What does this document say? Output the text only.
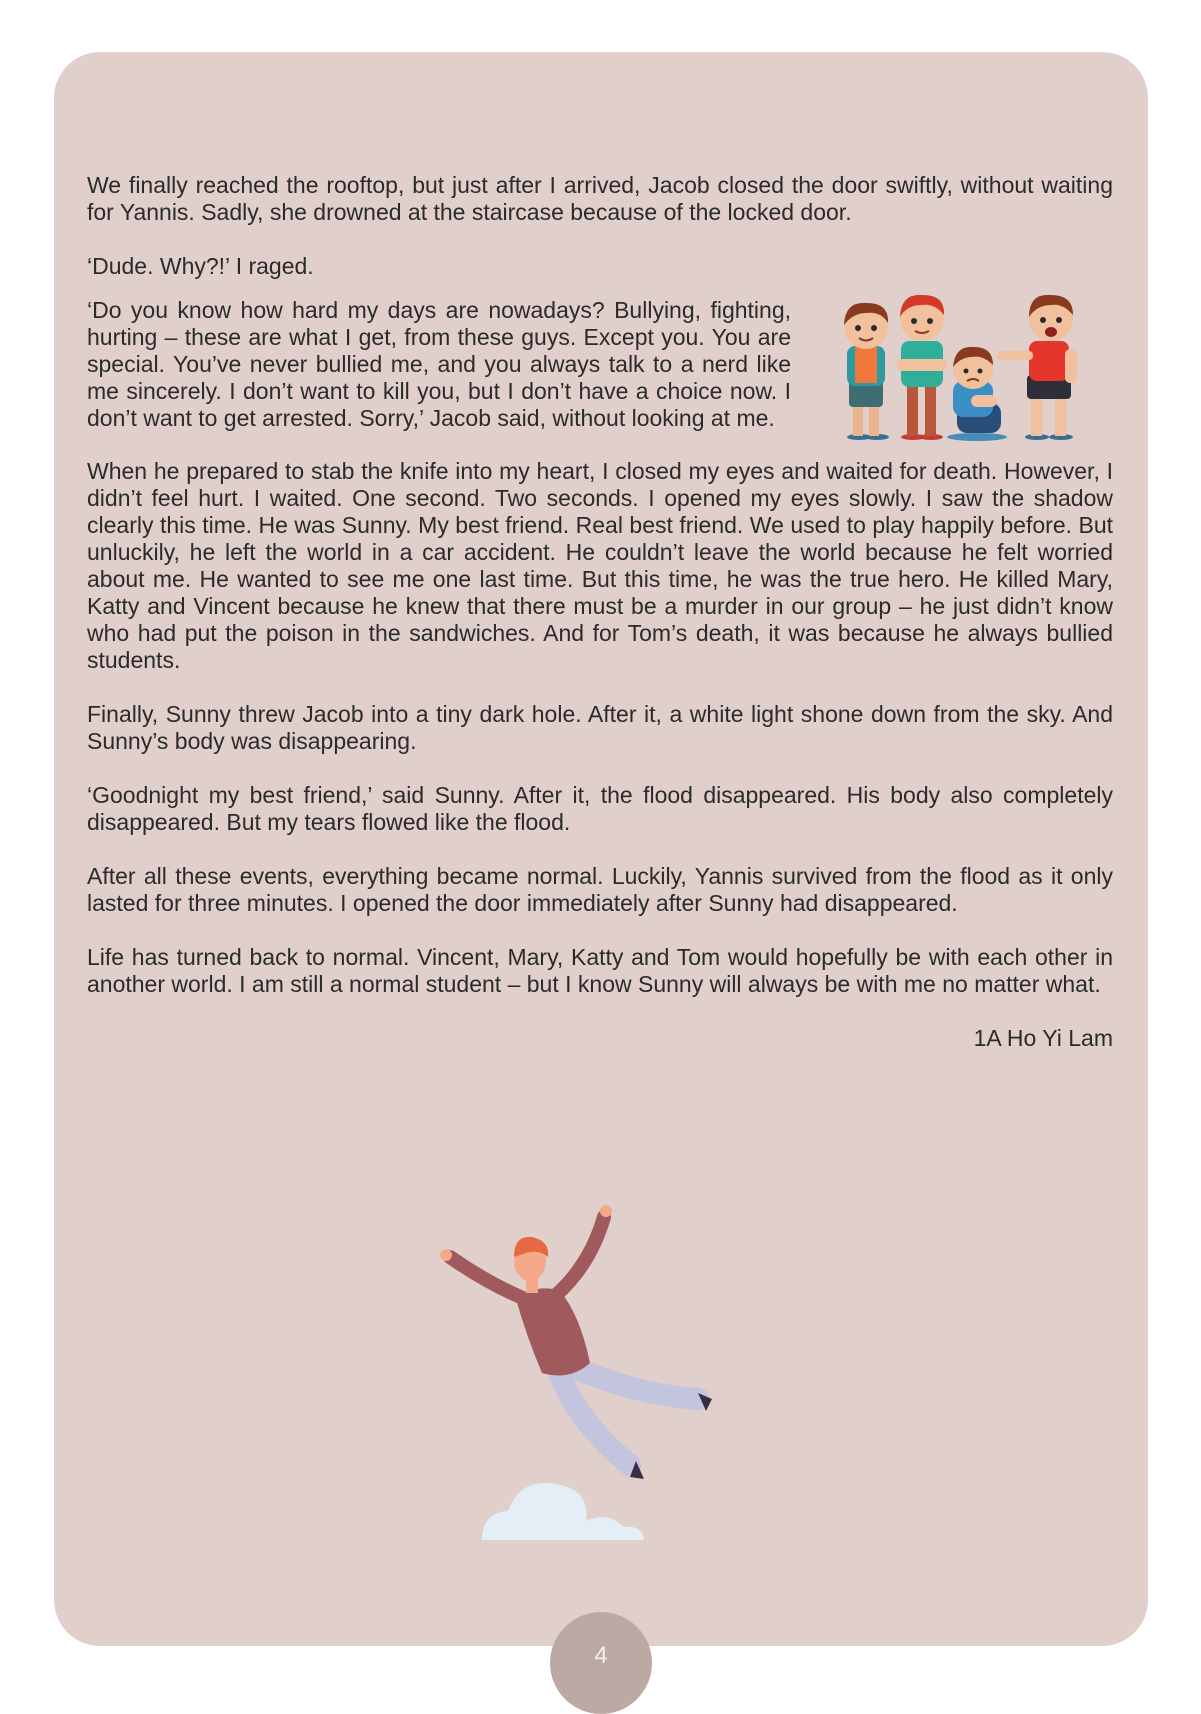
We finally reached the rooftop, but just after I arrived, Jacob closed the door swiftly, without waiting for Yannis. Sadly, she drowned at the staircase because of the locked door.

‘Dude. Why?!’ I raged.

‘Do you know how hard my days are nowadays? Bullying, fighting, hurting – these are what I get, from these guys. Except you. You are special. You’ve never bullied me, and you always talk to a nerd like me sincerely. I don’t want to kill you, but I don’t have a choice now. I don’t want to get arrested. Sorry,’ Jacob said, without looking at me.

When he prepared to stab the knife into my heart, I closed my eyes and waited for death. However, I didn’t feel hurt. I waited. One second. Two seconds. I opened my eyes slowly. I saw the shadow clearly this time. He was Sunny. My best friend. Real best friend. We used to play happily before. But unluckily, he left the world in a car accident. He couldn’t leave the world because he felt worried about me. He wanted to see me one last time. But this time, he was the true hero. He killed Mary, Katty and Vincent because he knew that there must be a murder in our group – he just didn’t know who had put the poison in the sandwiches. And for Tom’s death, it was because he always bullied students.

Finally, Sunny threw Jacob into a tiny dark hole. After it, a white light shone down from the sky. And Sunny’s body was disappearing.

‘Goodnight my best friend,’ said Sunny. After it, the flood disappeared. His body also completely disappeared. But my tears flowed like the flood.

After all these events, everything became normal. Luckily, Yannis survived from the flood as it only lasted for three minutes. I opened the door immediately after Sunny had disappeared.

Life has turned back to normal. Vincent, Mary, Katty and Tom would hopefully be with each other in another world. I am still a normal student – but I know Sunny will always be with me no matter what.

1A Ho Yi Lam

4
